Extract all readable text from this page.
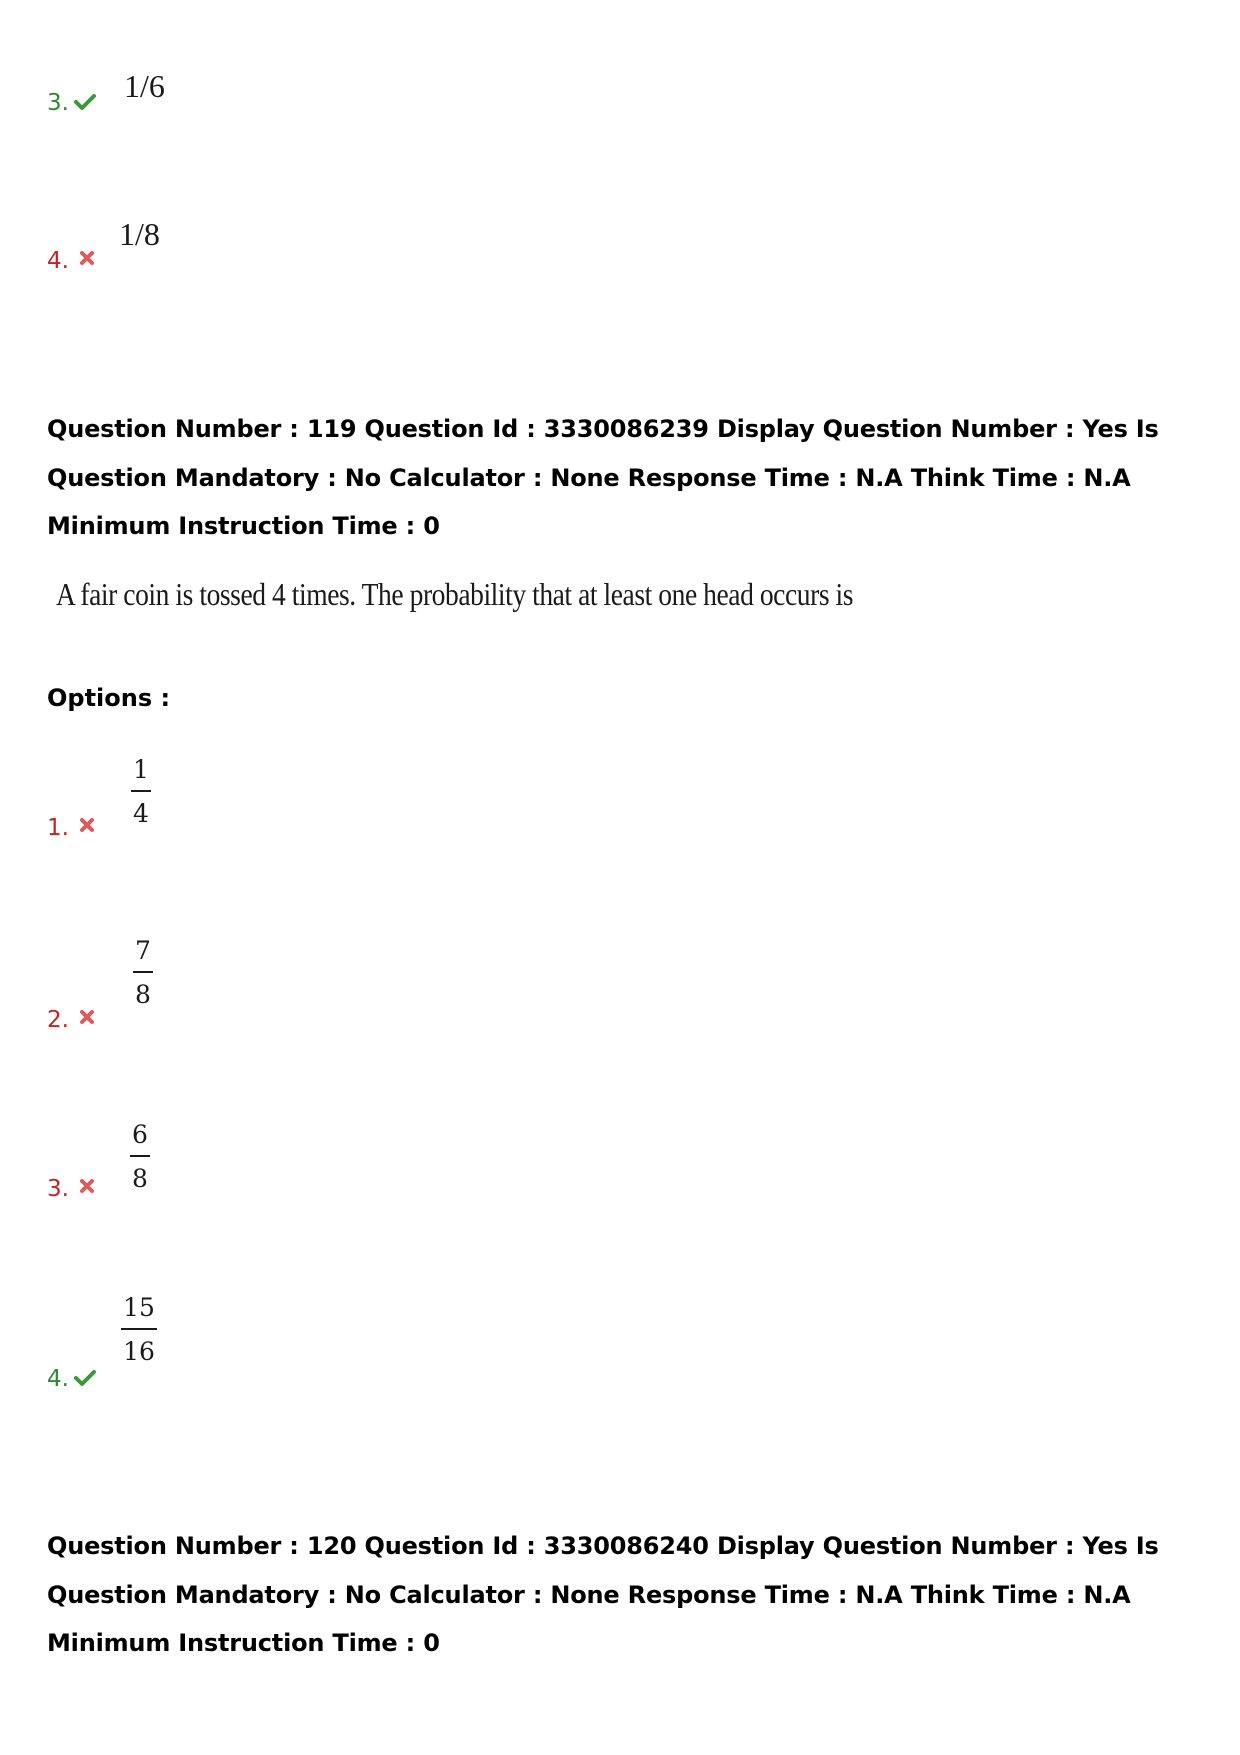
3. 1/6
4.
1/8
Question Number : 119 Question Id : 3330086239 Display Question Number : Yes Is Question Mandatory : No Calculator : None Response Time : N.A Think Time : N.A Minimum Instruction Time : 0
A fair coin is tossed 4 times. The probability that at least one head occurs is
Options :
1.
1
4
2.
7
8
3.
6
8
4.
15
16
Question Number : 120 Question Id : 3330086240 Display Question Number : Yes Is Question Mandatory : No Calculator : None Response Time : N.A Think Time : N.A Minimum Instruction Time : 0
